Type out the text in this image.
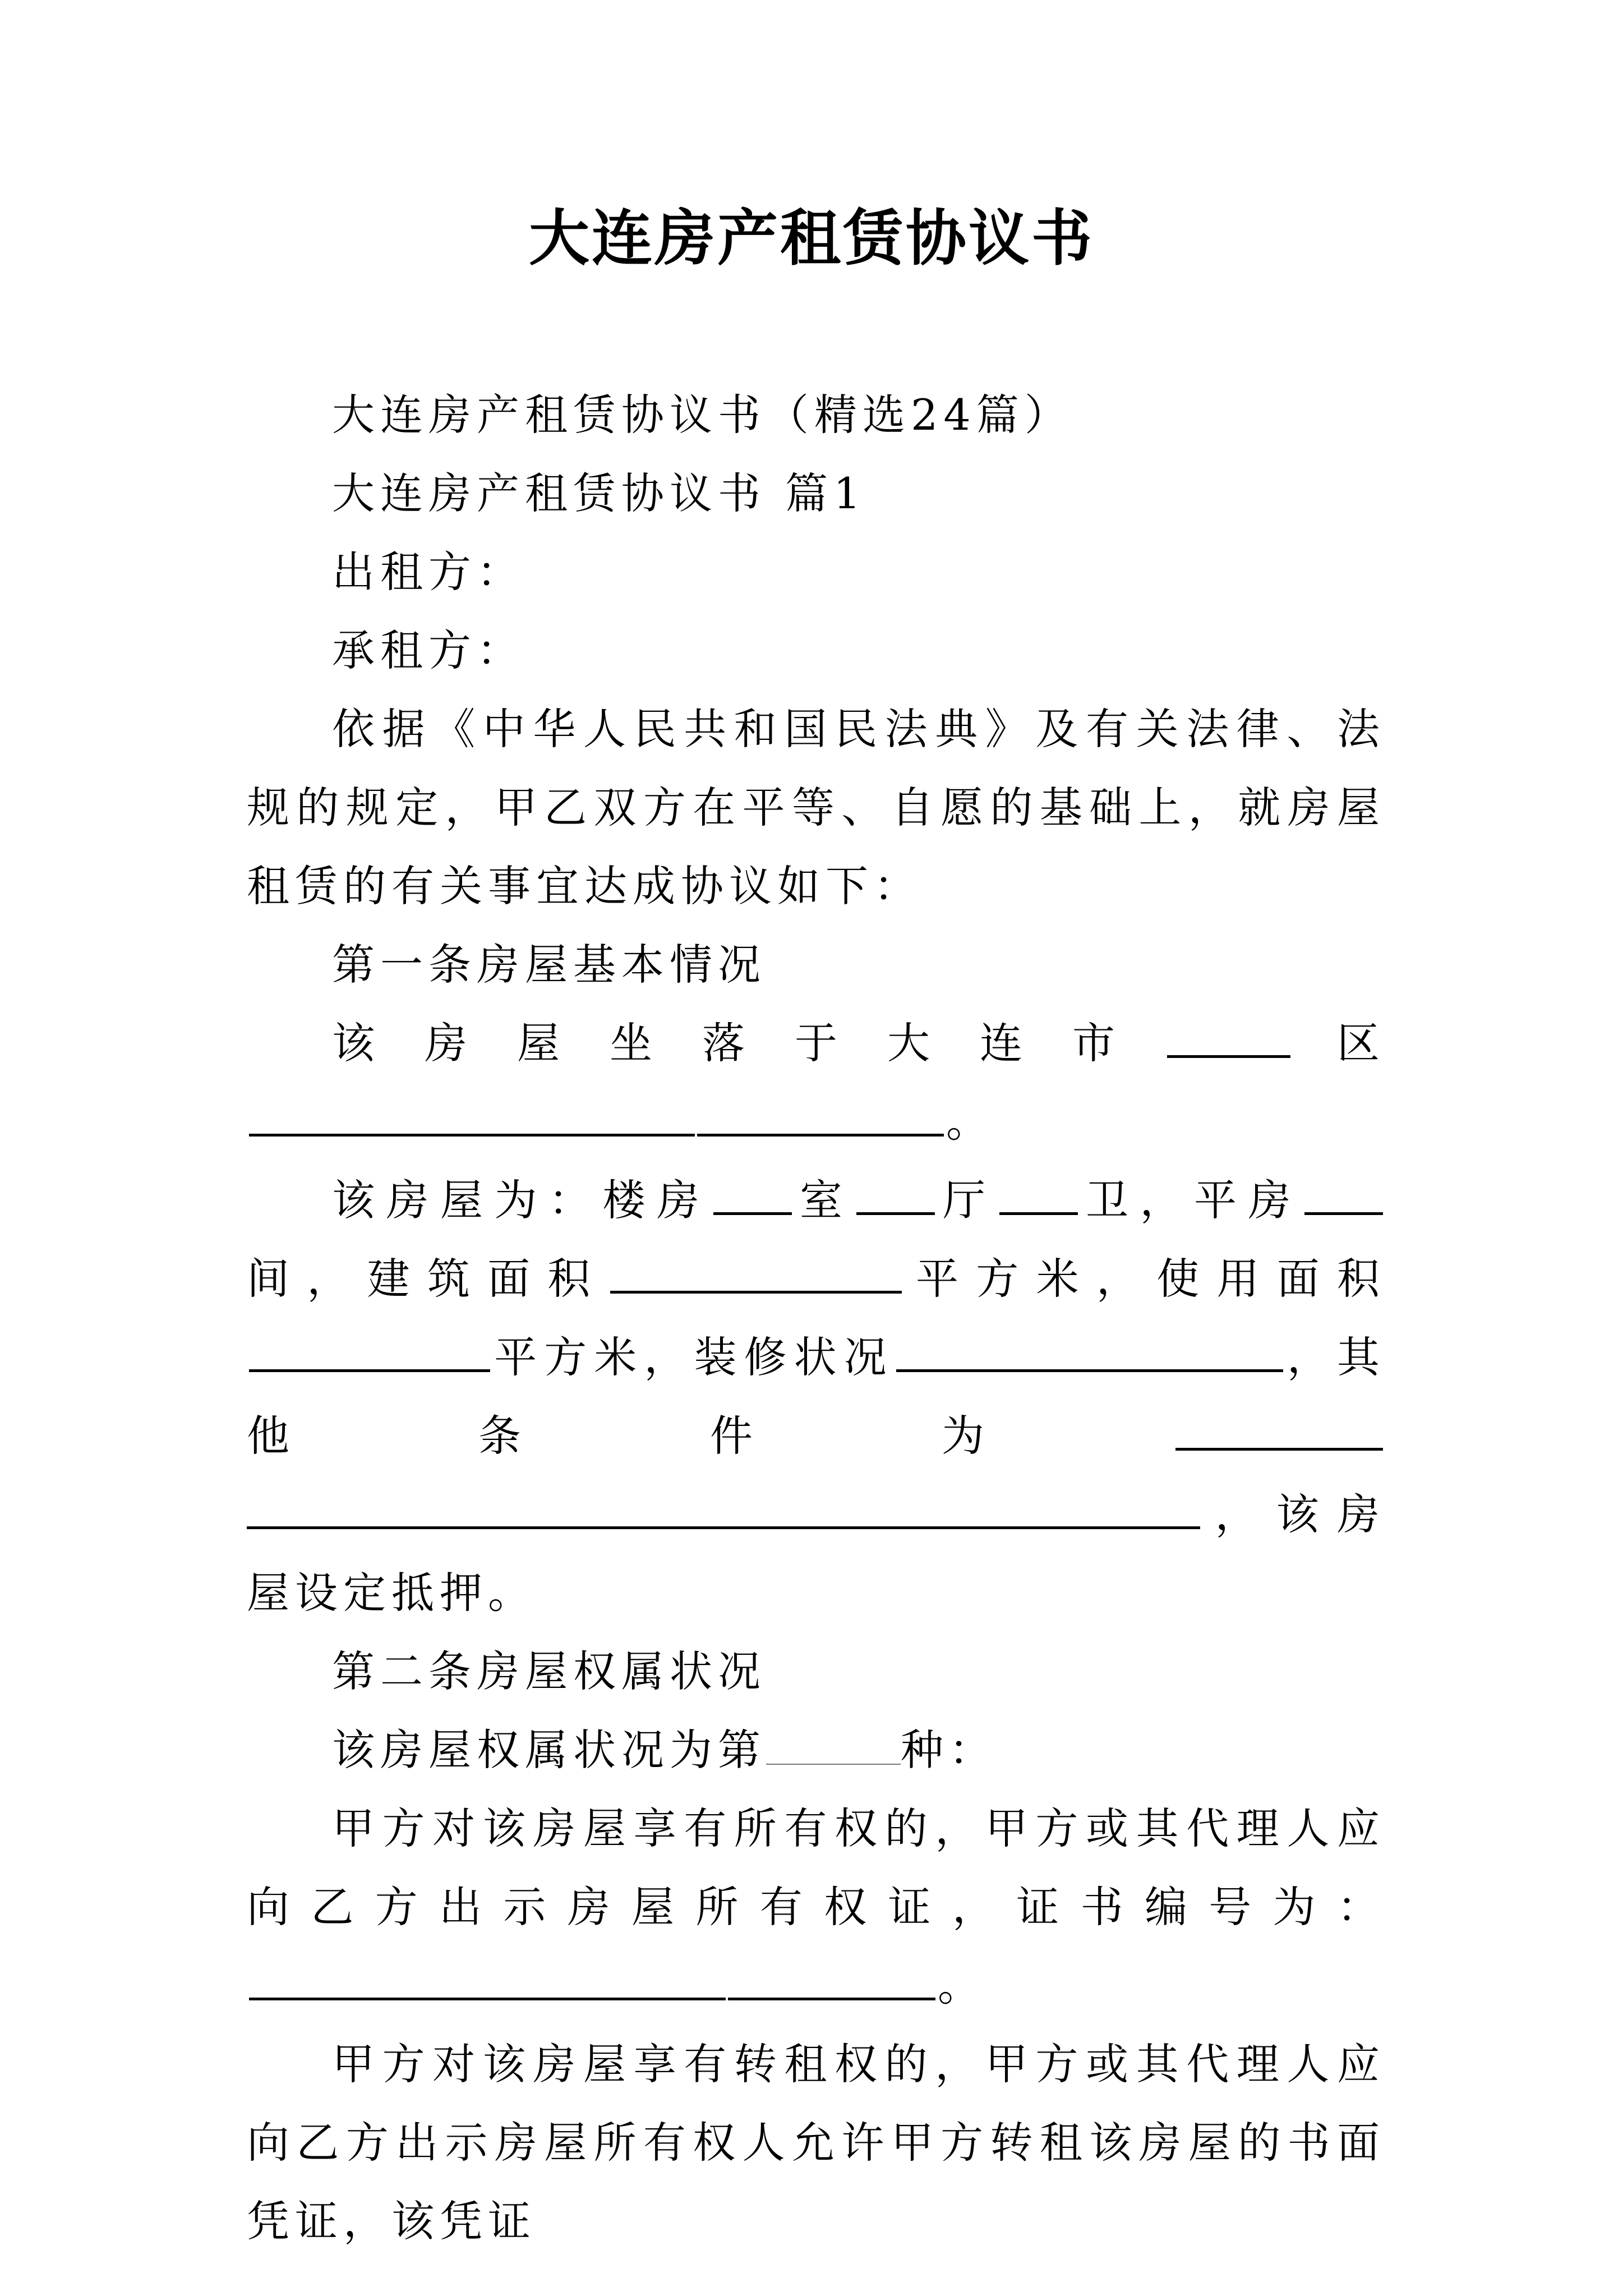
大连房产租赁协议书

大连房产租赁协议书（精选24篇）

大连房产租赁协议书 篇1

出租方：

承租方：

依据《中华人民共和国民法典》及有关法律、法规的规定，甲乙双方在平等、自愿的基础上，就房屋租赁的有关事宜达成协议如下：

第一条房屋基本情况

该房屋坐落于大连市	区。

该房屋为：楼房 室 厅 卫，平房间，建筑面积	平方米，使用面积平方米，装修状况	，其他条件为，该房屋设定抵押。

第二条房屋权属状况

该房屋权属状况为第	种：

甲方对该房屋享有所有权的，甲方或其代理人应向乙方出示房屋所有权证，证书编号为：。

甲方对该房屋享有转租权的，甲方或其代理人应向乙方出示房屋所有权人允许甲方转租该房屋的书面凭证，该凭证
